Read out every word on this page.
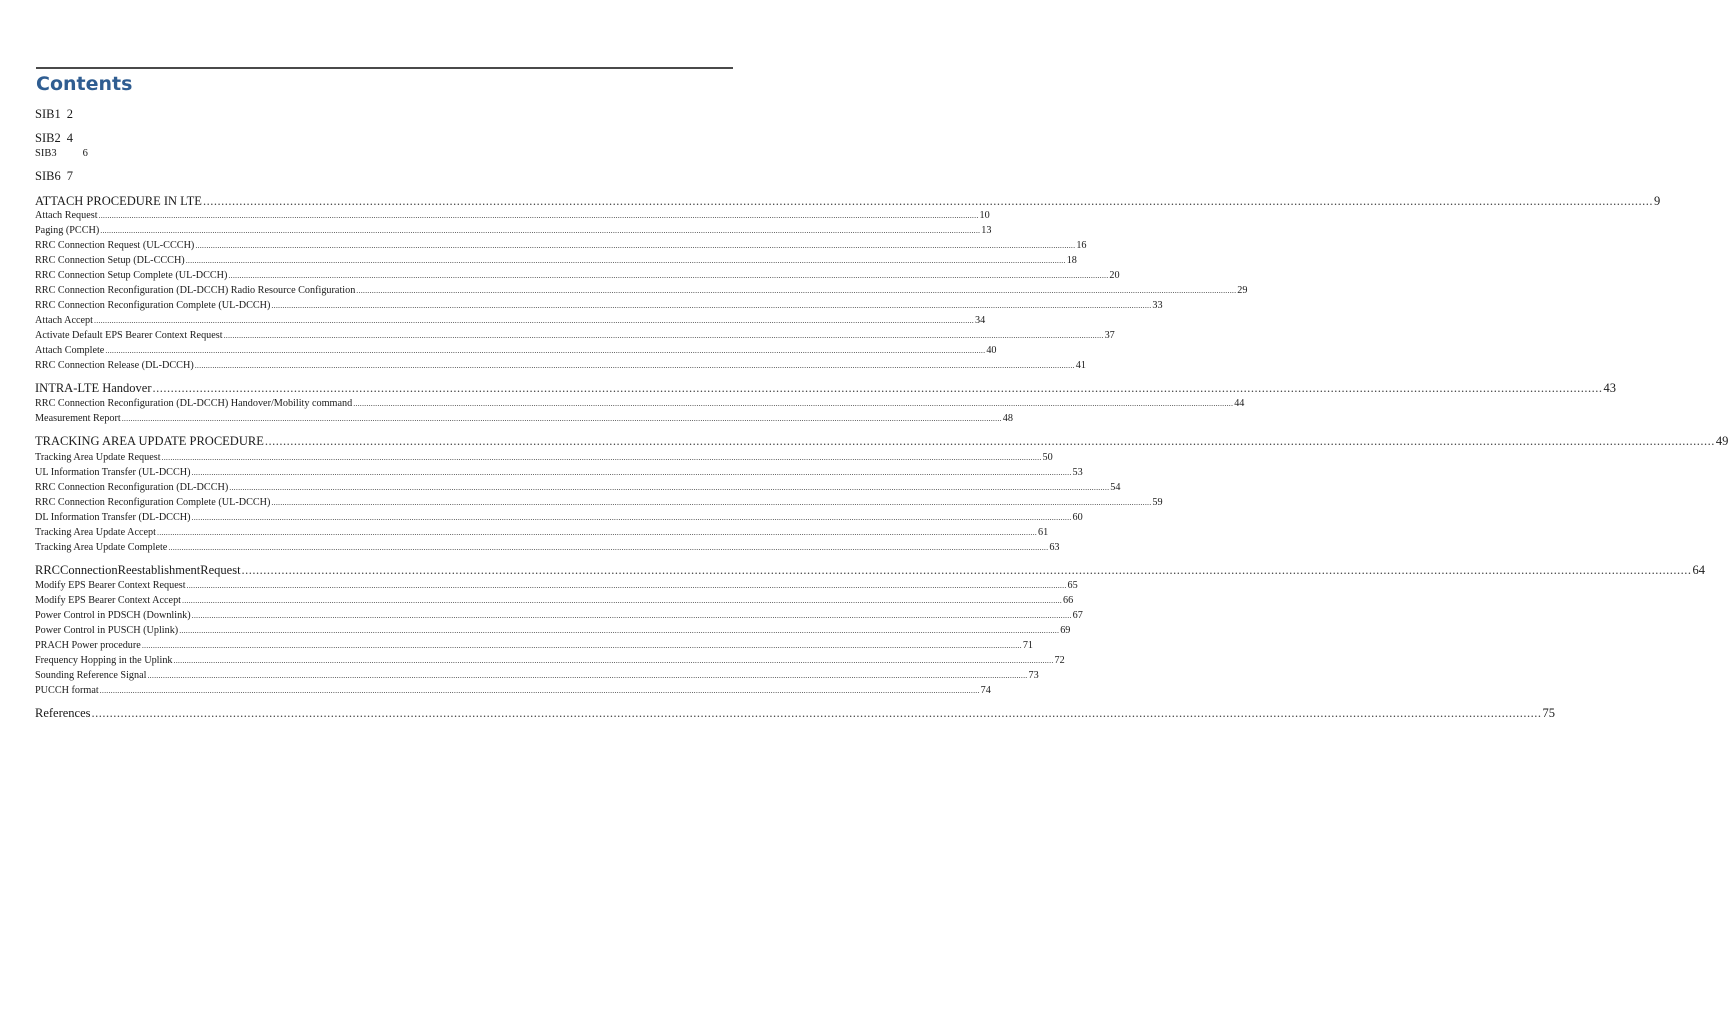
Contents
SIB1 2
SIB2 4
SIB3 6
SIB6 7
ATTACH PROCEDURE IN LTE ................................................................................................................................................................................................................................................................................................................................................................................................................ 9
Attach Request ................................................................................................................................................................................................................................................................................................................................................................................................................ 10
Paging (PCCH) ................................................................................................................................................................................................................................................................................................................................................................................................................ 13
RRC Connection Request (UL-CCCH) ................................................................................................................................................................................................................................................................................................................................................................................................................ 16
RRC Connection Setup (DL-CCCH) ................................................................................................................................................................................................................................................................................................................................................................................................................ 18
RRC Connection Setup Complete (UL-DCCH) ................................................................................................................................................................................................................................................................................................................................................................................................................ 20
RRC Connection Reconfiguration (DL-DCCH) Radio Resource Configuration ................................................................................................................................................................................................................................................................................................................................................................................................................ 29
RRC Connection Reconfiguration Complete (UL-DCCH) ................................................................................................................................................................................................................................................................................................................................................................................................................ 33
Attach Accept ................................................................................................................................................................................................................................................................................................................................................................................................................ 34
Activate Default EPS Bearer Context Request ................................................................................................................................................................................................................................................................................................................................................................................................................ 37
Attach Complete ................................................................................................................................................................................................................................................................................................................................................................................................................ 40
RRC Connection Release (DL-DCCH) ................................................................................................................................................................................................................................................................................................................................................................................................................ 41
INTRA-LTE Handover ................................................................................................................................................................................................................................................................................................................................................................................................................ 43
RRC Connection Reconfiguration (DL-DCCH) Handover/Mobility command ................................................................................................................................................................................................................................................................................................................................................................................................................ 44
Measurement Report ................................................................................................................................................................................................................................................................................................................................................................................................................ 48
TRACKING AREA UPDATE PROCEDURE ................................................................................................................................................................................................................................................................................................................................................................................................................ 49
Tracking Area Update Request ................................................................................................................................................................................................................................................................................................................................................................................................................ 50
UL Information Transfer (UL-DCCH) ................................................................................................................................................................................................................................................................................................................................................................................................................ 53
RRC Connection Reconfiguration (DL-DCCH) ................................................................................................................................................................................................................................................................................................................................................................................................................ 54
RRC Connection Reconfiguration Complete (UL-DCCH) ................................................................................................................................................................................................................................................................................................................................................................................................................ 59
DL Information Transfer (DL-DCCH) ................................................................................................................................................................................................................................................................................................................................................................................................................ 60
Tracking Area Update Accept ................................................................................................................................................................................................................................................................................................................................................................................................................ 61
Tracking Area Update Complete ................................................................................................................................................................................................................................................................................................................................................................................................................ 63
RRCConnectionReestablishmentRequest ................................................................................................................................................................................................................................................................................................................................................................................................................ 64
Modify EPS Bearer Context Request ................................................................................................................................................................................................................................................................................................................................................................................................................ 65
Modify EPS Bearer Context Accept ................................................................................................................................................................................................................................................................................................................................................................................................................ 66
Power Control in PDSCH (Downlink) ................................................................................................................................................................................................................................................................................................................................................................................................................ 67
Power Control in PUSCH (Uplink) ................................................................................................................................................................................................................................................................................................................................................................................................................ 69
PRACH Power procedure ................................................................................................................................................................................................................................................................................................................................................................................................................ 71
Frequency Hopping in the Uplink ................................................................................................................................................................................................................................................................................................................................................................................................................ 72
Sounding Reference Signal ................................................................................................................................................................................................................................................................................................................................................................................................................ 73
PUCCH format ................................................................................................................................................................................................................................................................................................................................................................................................................ 74
References ................................................................................................................................................................................................................................................................................................................................................................................................................ 75
